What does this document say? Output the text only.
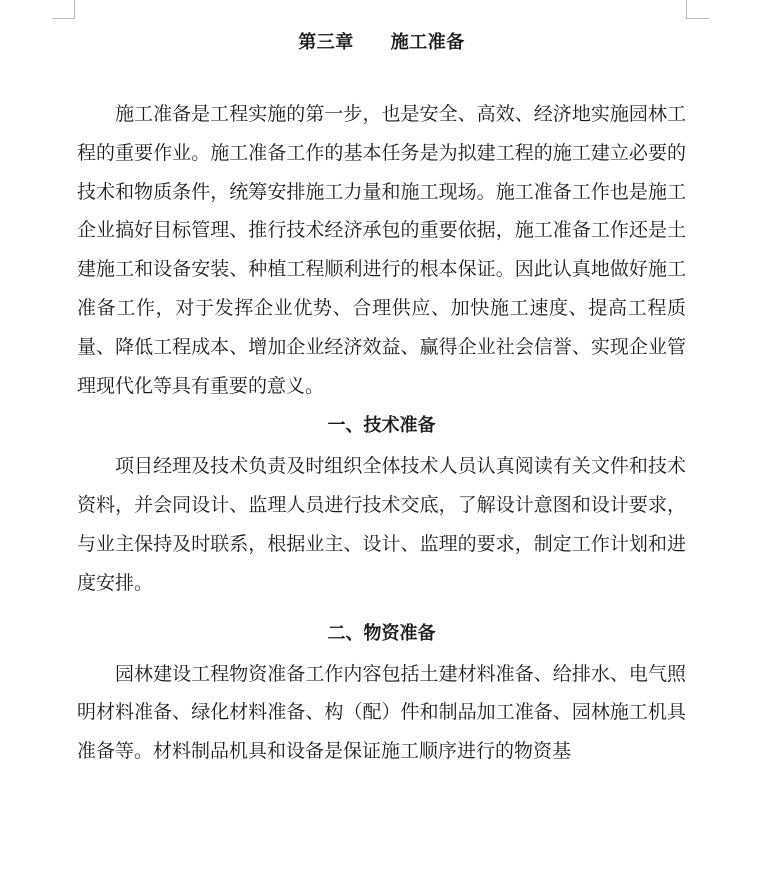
第三章　　施工准备

施工准备是工程实施的第一步，也是安全、高效、经济地实施园林工程的重要作业。施工准备工作的基本任务是为拟建工程的施工建立必要的技术和物质条件，统筹安排施工力量和施工现场。施工准备工作也是施工企业搞好目标管理、推行技术经济承包的重要依据，施工准备工作还是土建施工和设备安装、种植工程顺利进行的根本保证。因此认真地做好施工准备工作，对于发挥企业优势、合理供应、加快施工速度、提高工程质量、降低工程成本、增加企业经济效益、赢得企业社会信誉、实现企业管理现代化等具有重要的意义。

一、技术准备

项目经理及技术负责及时组织全体技术人员认真阅读有关文件和技术资料，并会同设计、监理人员进行技术交底，了解设计意图和设计要求，与业主保持及时联系，根据业主、设计、监理的要求，制定工作计划和进度安排。

二、物资准备

园林建设工程物资准备工作内容包括土建材料准备、给排水、电气照明材料准备、绿化材料准备、构（配）件和制品加工准备、园林施工机具准备等。材料制品机具和设备是保证施工顺序进行的物资基
